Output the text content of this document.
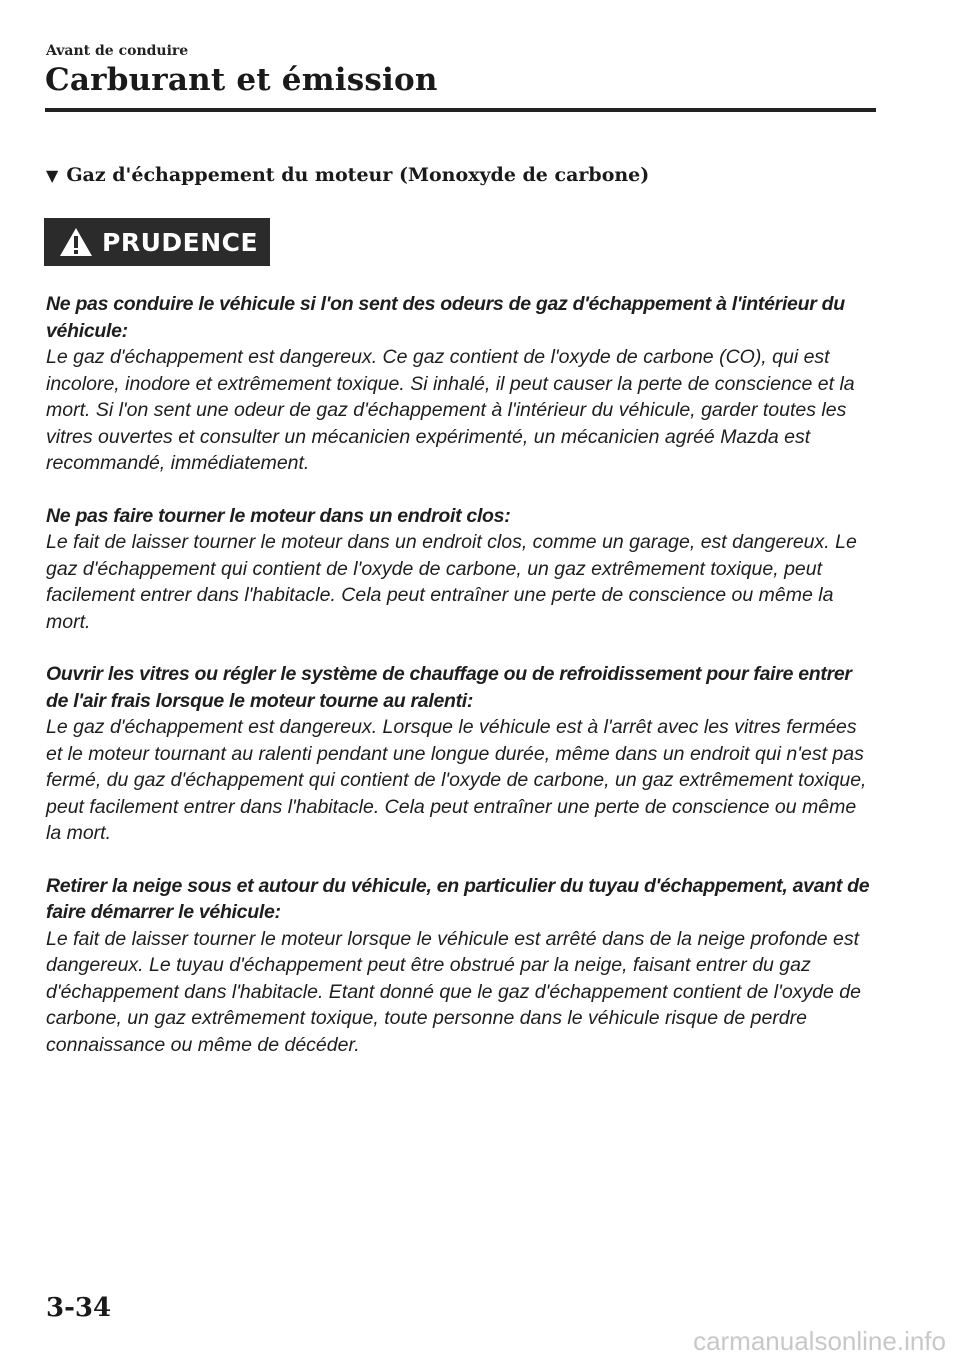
Avant de conduire
Carburant et émission
▼ Gaz d'échappement du moteur (Monoxyde de carbone)
PRUDENCE
Ne pas conduire le véhicule si l'on sent des odeurs de gaz d'échappement à l'intérieur du véhicule:
Le gaz d'échappement est dangereux. Ce gaz contient de l'oxyde de carbone (CO), qui est incolore, inodore et extrêmement toxique. Si inhalé, il peut causer la perte de conscience et la mort. Si l'on sent une odeur de gaz d'échappement à l'intérieur du véhicule, garder toutes les vitres ouvertes et consulter un mécanicien expérimenté, un mécanicien agréé Mazda est recommandé, immédiatement.
Ne pas faire tourner le moteur dans un endroit clos:
Le fait de laisser tourner le moteur dans un endroit clos, comme un garage, est dangereux. Le gaz d'échappement qui contient de l'oxyde de carbone, un gaz extrêmement toxique, peut facilement entrer dans l'habitacle. Cela peut entraîner une perte de conscience ou même la mort.
Ouvrir les vitres ou régler le système de chauffage ou de refroidissement pour faire entrer de l'air frais lorsque le moteur tourne au ralenti:
Le gaz d'échappement est dangereux. Lorsque le véhicule est à l'arrêt avec les vitres fermées et le moteur tournant au ralenti pendant une longue durée, même dans un endroit qui n'est pas fermé, du gaz d'échappement qui contient de l'oxyde de carbone, un gaz extrêmement toxique, peut facilement entrer dans l'habitacle. Cela peut entraîner une perte de conscience ou même la mort.
Retirer la neige sous et autour du véhicule, en particulier du tuyau d'échappement, avant de faire démarrer le véhicule:
Le fait de laisser tourner le moteur lorsque le véhicule est arrêté dans de la neige profonde est dangereux. Le tuyau d'échappement peut être obstrué par la neige, faisant entrer du gaz d'échappement dans l'habitacle. Etant donné que le gaz d'échappement contient de l'oxyde de carbone, un gaz extrêmement toxique, toute personne dans le véhicule risque de perdre connaissance ou même de décéder.
3-34
carmanualsonline.info
